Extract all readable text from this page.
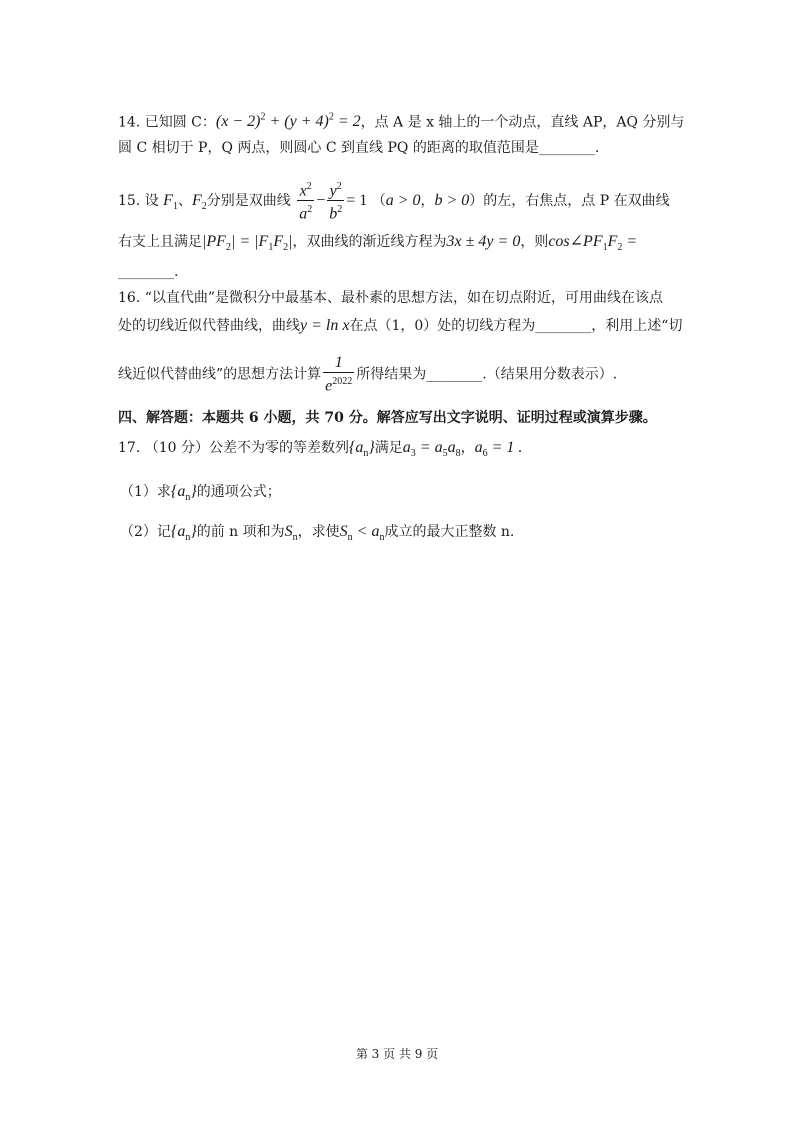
14. 已知圆 C：$(x - 2)^2 + (y + 4)^2 = 2$，点 A 是 x 轴上的一个动点，直线 AP，AQ 分别与
圆 C 相切于 P，Q 两点，则圆心 C 到直线 PQ 的距离的取值范围是________.
15. 设 $F_1$、$F_2$分别是双曲线 $\frac{x^2}{a^2} - \frac{y^2}{b^2} = 1$ （a > 0，b > 0）的左，右焦点，点 P 在双曲线
右支上且满足$|PF_2| = |F_1F_2|$，双曲线的渐近线方程为3x ± 4y = 0，则$\cos\angle PF_1F_2$ =
________.
16. “以直代曲”是微积分中最基本、最朴素的思想方法，如在切点附近，可用曲线在该点
处的切线近似代替曲线，曲线y = ln x在点（1，0）处的切线方程为________，利用上述“切
线近似代替曲线”的思想方法计算 $\frac{1}{e^{2022}}$ 所得结果为________.（结果用分数表示）.
四、解答题：本题共 6 小题，共 70 分。解答应写出文字说明、证明过程或演算步骤。
17. （10 分）公差不为零的等差数列$\{a_n\}$满足$a_3 = a_5a_8$，$a_6 = 1$ .
（1）求$\{a_n\}$的通项公式；
（2）记$\{a_n\}$的前 n 项和为$S_n$，求使$S_n < a_n$成立的最大正整数 n.
第 3 页 共 9 页
